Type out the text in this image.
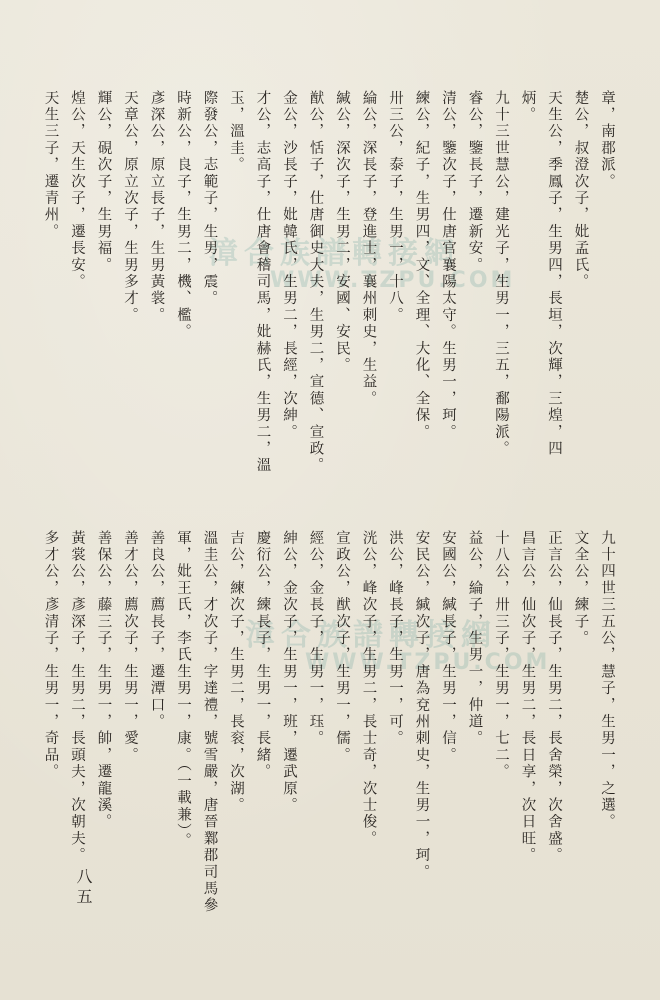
漳合族譜轉接網
WWW.TZPU.COM
漳合族譜轉接網
WWW.TZPU.COM
章，南郡派。
楚公，叔澄次子，妣孟氏。
天生公，季鳳子，生男四，長垣，次輝，三煌，四
炳。
九十三世慧公，建光子，生男一，三五，鄱陽派。
睿公，鑒長子，遷新安。
清公，鑒次子，仕唐官襄陽太守。生男一，珂。
練公，紀子，生男四，文、全理、大化、全保。
卅三公，泰子，生男一，十八。
綸公，深長子，登進士，襄州刺史，生益。
緘公，深次子，生男二，安國、安民。
猷公，恬子，仕唐御史大夫，生男二，宣德、宣政。
金公，沙長子，妣韓氏，生男二，長經，次紳。
才公，志高子，仕唐會稽司馬，妣赫氏，生男二，溫
玉，溫圭。
際發公，志範子，生男，震。
時新公，良子，生男二，機、檻。
彥深公，原立長子，生男黃裳。
天章公，原立次子，生男多才。
輝公，硯次子，生男福。
煌公，天生次子，遷長安。
天生三子，遷青州。
九十四世三五公，慧子，生男一，之選。
文全公，練子。
正言公，仙長子，生男二，長舍榮，次舍盛。
昌言公，仙次子，生男二，長日享，次日旺。
十八公，卅三子，生男一，七二。
益公，綸子，生男一，仲道。
安國公，緘長子，生男一，信。
安民公，緘次子，唐為兗州刺史，生男一，珂。
洪公，峰長子，生男一，可。
洸公，峰次子，生男二，長士奇，次士俊。
宣政公，猷次子，生男一，儒。
經公，金長子，生男一，珏。
紳公，金次子，生男一，班，遷武原。
慶衍公，練長子，生男一，長緒。
吉公，練次子，生男二，長衮，次湖。
溫圭公，才次子，字達禮，號雪嚴，唐晉鄴郡司馬參
軍，妣王氏，李氏生男一，康。（一載兼）。
善良公，薦長子，遷潭口。
善才公，薦次子，生男一，愛。
善保公，藤三子，生男一，帥，遷龍溪。
黃裳公，彥深子，生男二，長頭夫，次朝夫。
多才公，彥清子，生男一，奇品。
八五
